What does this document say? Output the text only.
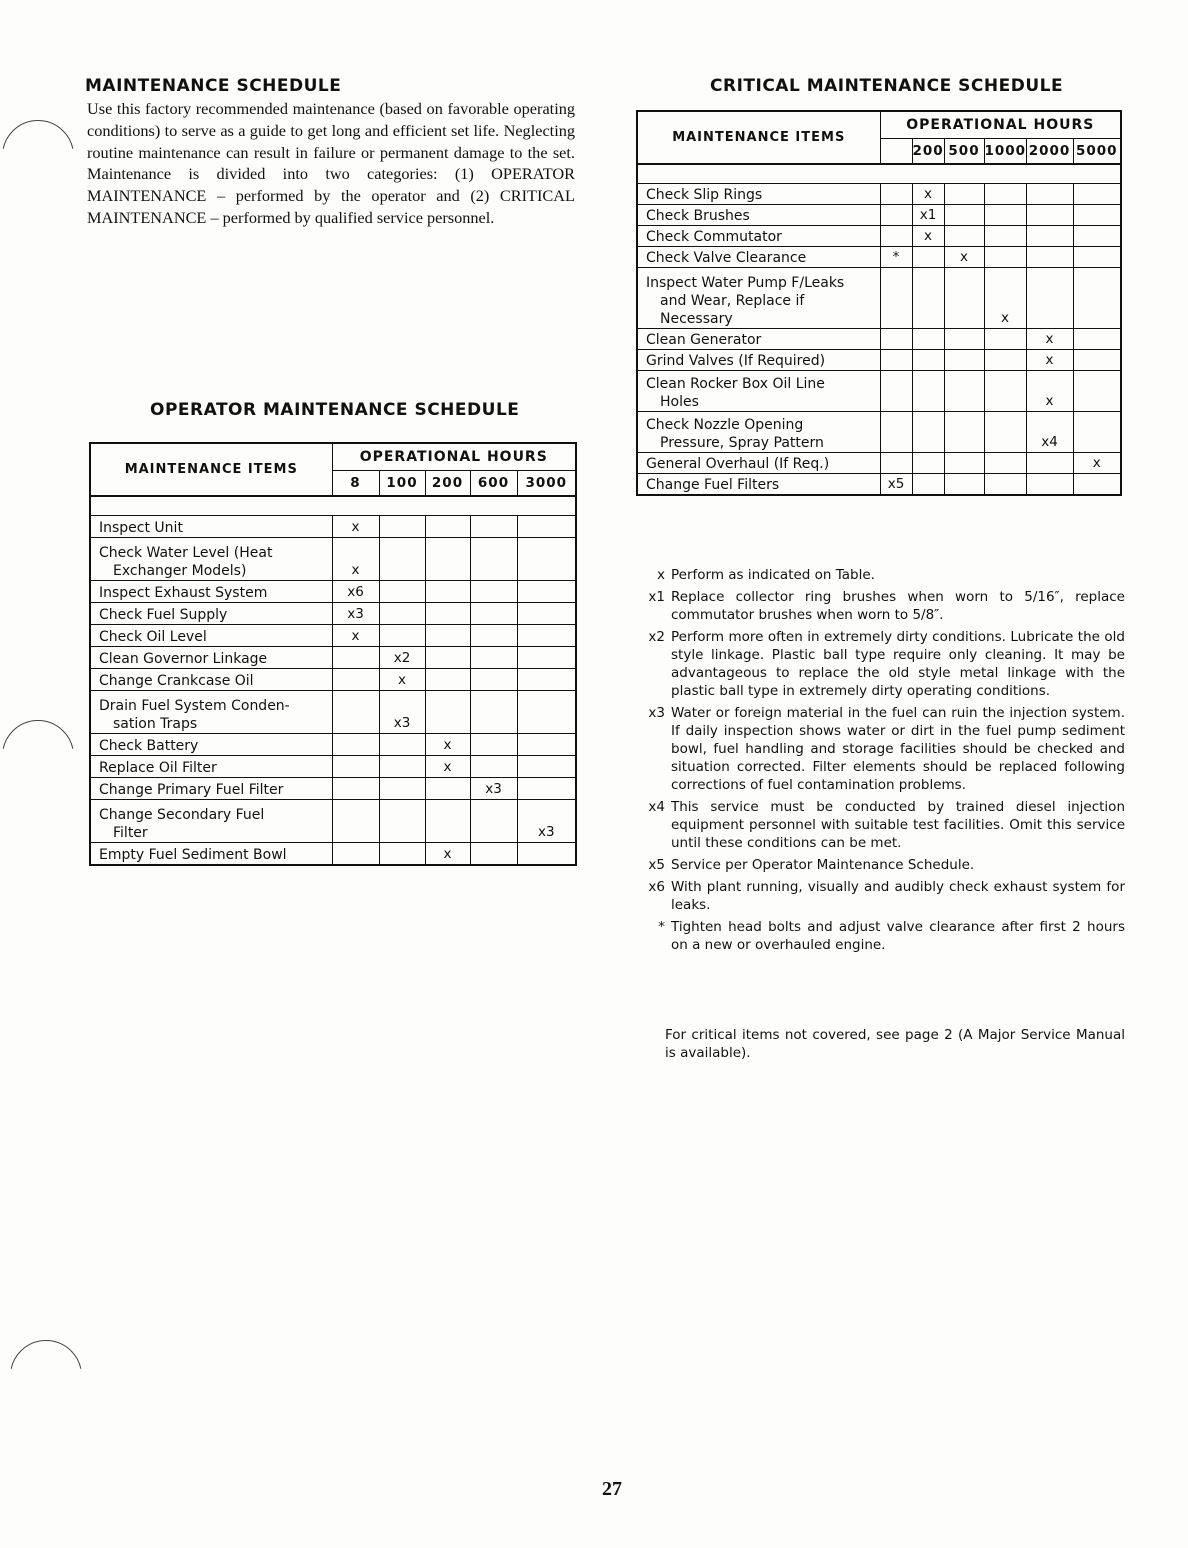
MAINTENANCE SCHEDULE

Use this factory recommended maintenance (based on favorable operating conditions) to serve as a guide to get long and efficient set life. Neglecting routine maintenance can result in failure or permanent damage to the set. Maintenance is divided into two categories: (1) OPERATOR MAINTENANCE – performed by the operator and (2) CRITICAL MAINTENANCE – performed by qualified service personnel.

OPERATOR MAINTENANCE SCHEDULE
MAINTENANCE ITEMS	OPERATIONAL HOURS				
	8	100	200	600	3000

Inspect Unit	x				
Check Water Level (Heat
Exchanger Models)	x				
Inspect Exhaust System	x6				
Check Fuel Supply	x3				
Check Oil Level	x				
Clean Governor Linkage		x2			
Change Crankcase Oil		x			
Drain Fuel System Conden-
sation Traps		x3			
Check Battery			x		
Replace Oil Filter			x		
Change Primary Fuel Filter				x3	
Change Secondary Fuel
Filter					x3
Empty Fuel Sediment Bowl			x		
CRITICAL MAINTENANCE SCHEDULE
MAINTENANCE ITEMS	OPERATIONAL HOURS					
		200	500	1000	2000	5000

Check Slip Rings		x				
Check Brushes		x1				
Check Commutator		x				
Check Valve Clearance	*		x			
Inspect Water Pump F/Leaks
and Wear, Replace if
Necessary				x		
Clean Generator					x	
Grind Valves (If Required)					x	
Clean Rocker Box Oil Line
Holes					x	
Check Nozzle Opening
Pressure, Spray Pattern					x4	
General Overhaul (If Req.)						x
Change Fuel Filters	x5					
x Perform as indicated on Table.
x1 Replace collector ring brushes when worn to 5/16″, replace commutator brushes when worn to 5/8″.
x2 Perform more often in extremely dirty conditions. Lubricate the old style linkage. Plastic ball type require only cleaning. It may be advantageous to replace the old style metal linkage with the plastic ball type in extremely dirty operating conditions.
x3 Water or foreign material in the fuel can ruin the injection system. If daily inspection shows water or dirt in the fuel pump sediment bowl, fuel handling and storage facilities should be checked and situation corrected. Filter elements should be replaced following corrections of fuel contamination problems.
x4 This service must be conducted by trained diesel injection equipment personnel with suitable test facilities. Omit this service until these conditions can be met.
x5 Service per Operator Maintenance Schedule.
x6 With plant running, visually and audibly check exhaust system for leaks.
* Tighten head bolts and adjust valve clearance after first 2 hours on a new or overhauled engine.

For critical items not covered, see page 2 (A Major Service Manual is available).

27
